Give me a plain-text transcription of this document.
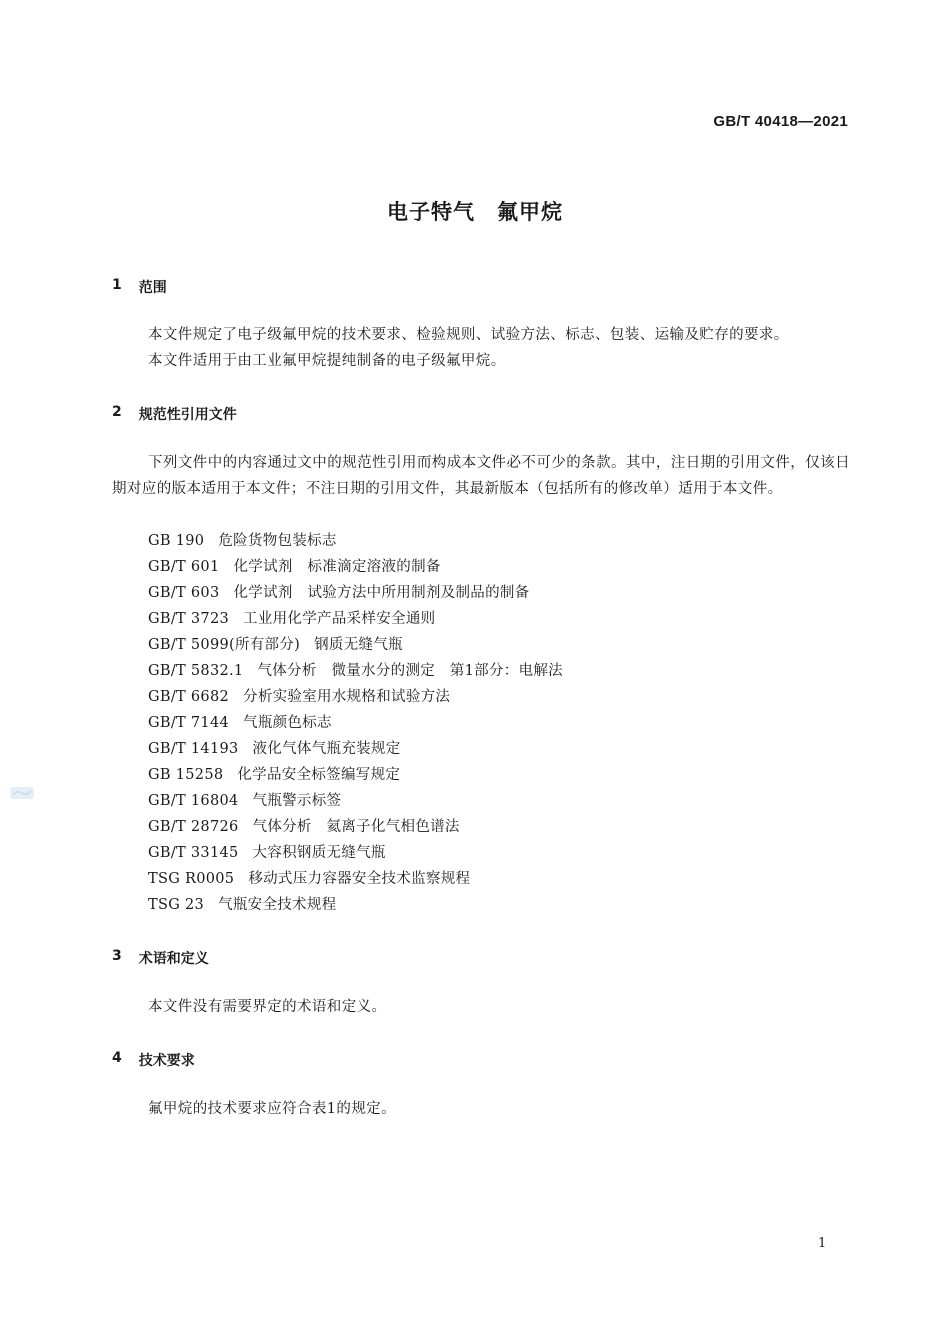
GB/T 40418—2021
电子特气　氟甲烷
1 范围
本文件规定了电子级氟甲烷的技术要求、检验规则、试验方法、标志、包装、运输及贮存的要求。
本文件适用于由工业氟甲烷提纯制备的电子级氟甲烷。
2 规范性引用文件
下列文件中的内容通过文中的规范性引用而构成本文件必不可少的条款。其中，注日期的引用文件，仅该日期对应的版本适用于本文件；不注日期的引用文件，其最新版本（包括所有的修改单）适用于本文件。
GB 190 危险货物包装标志
GB/T 601 化学试剂　标准滴定溶液的制备
GB/T 603 化学试剂　试验方法中所用制剂及制品的制备
GB/T 3723 工业用化学产品采样安全通则
GB/T 5099(所有部分) 钢质无缝气瓶
GB/T 5832.1 气体分析　微量水分的测定　第1部分：电解法
GB/T 6682 分析实验室用水规格和试验方法
GB/T 7144 气瓶颜色标志
GB/T 14193 液化气体气瓶充装规定
GB 15258 化学品安全标签编写规定
GB/T 16804 气瓶警示标签
GB/T 28726 气体分析　氦离子化气相色谱法
GB/T 33145 大容积钢质无缝气瓶
TSG R0005 移动式压力容器安全技术监察规程
TSG 23 气瓶安全技术规程
3 术语和定义
本文件没有需要界定的术语和定义。
4 技术要求
氟甲烷的技术要求应符合表1的规定。
1
